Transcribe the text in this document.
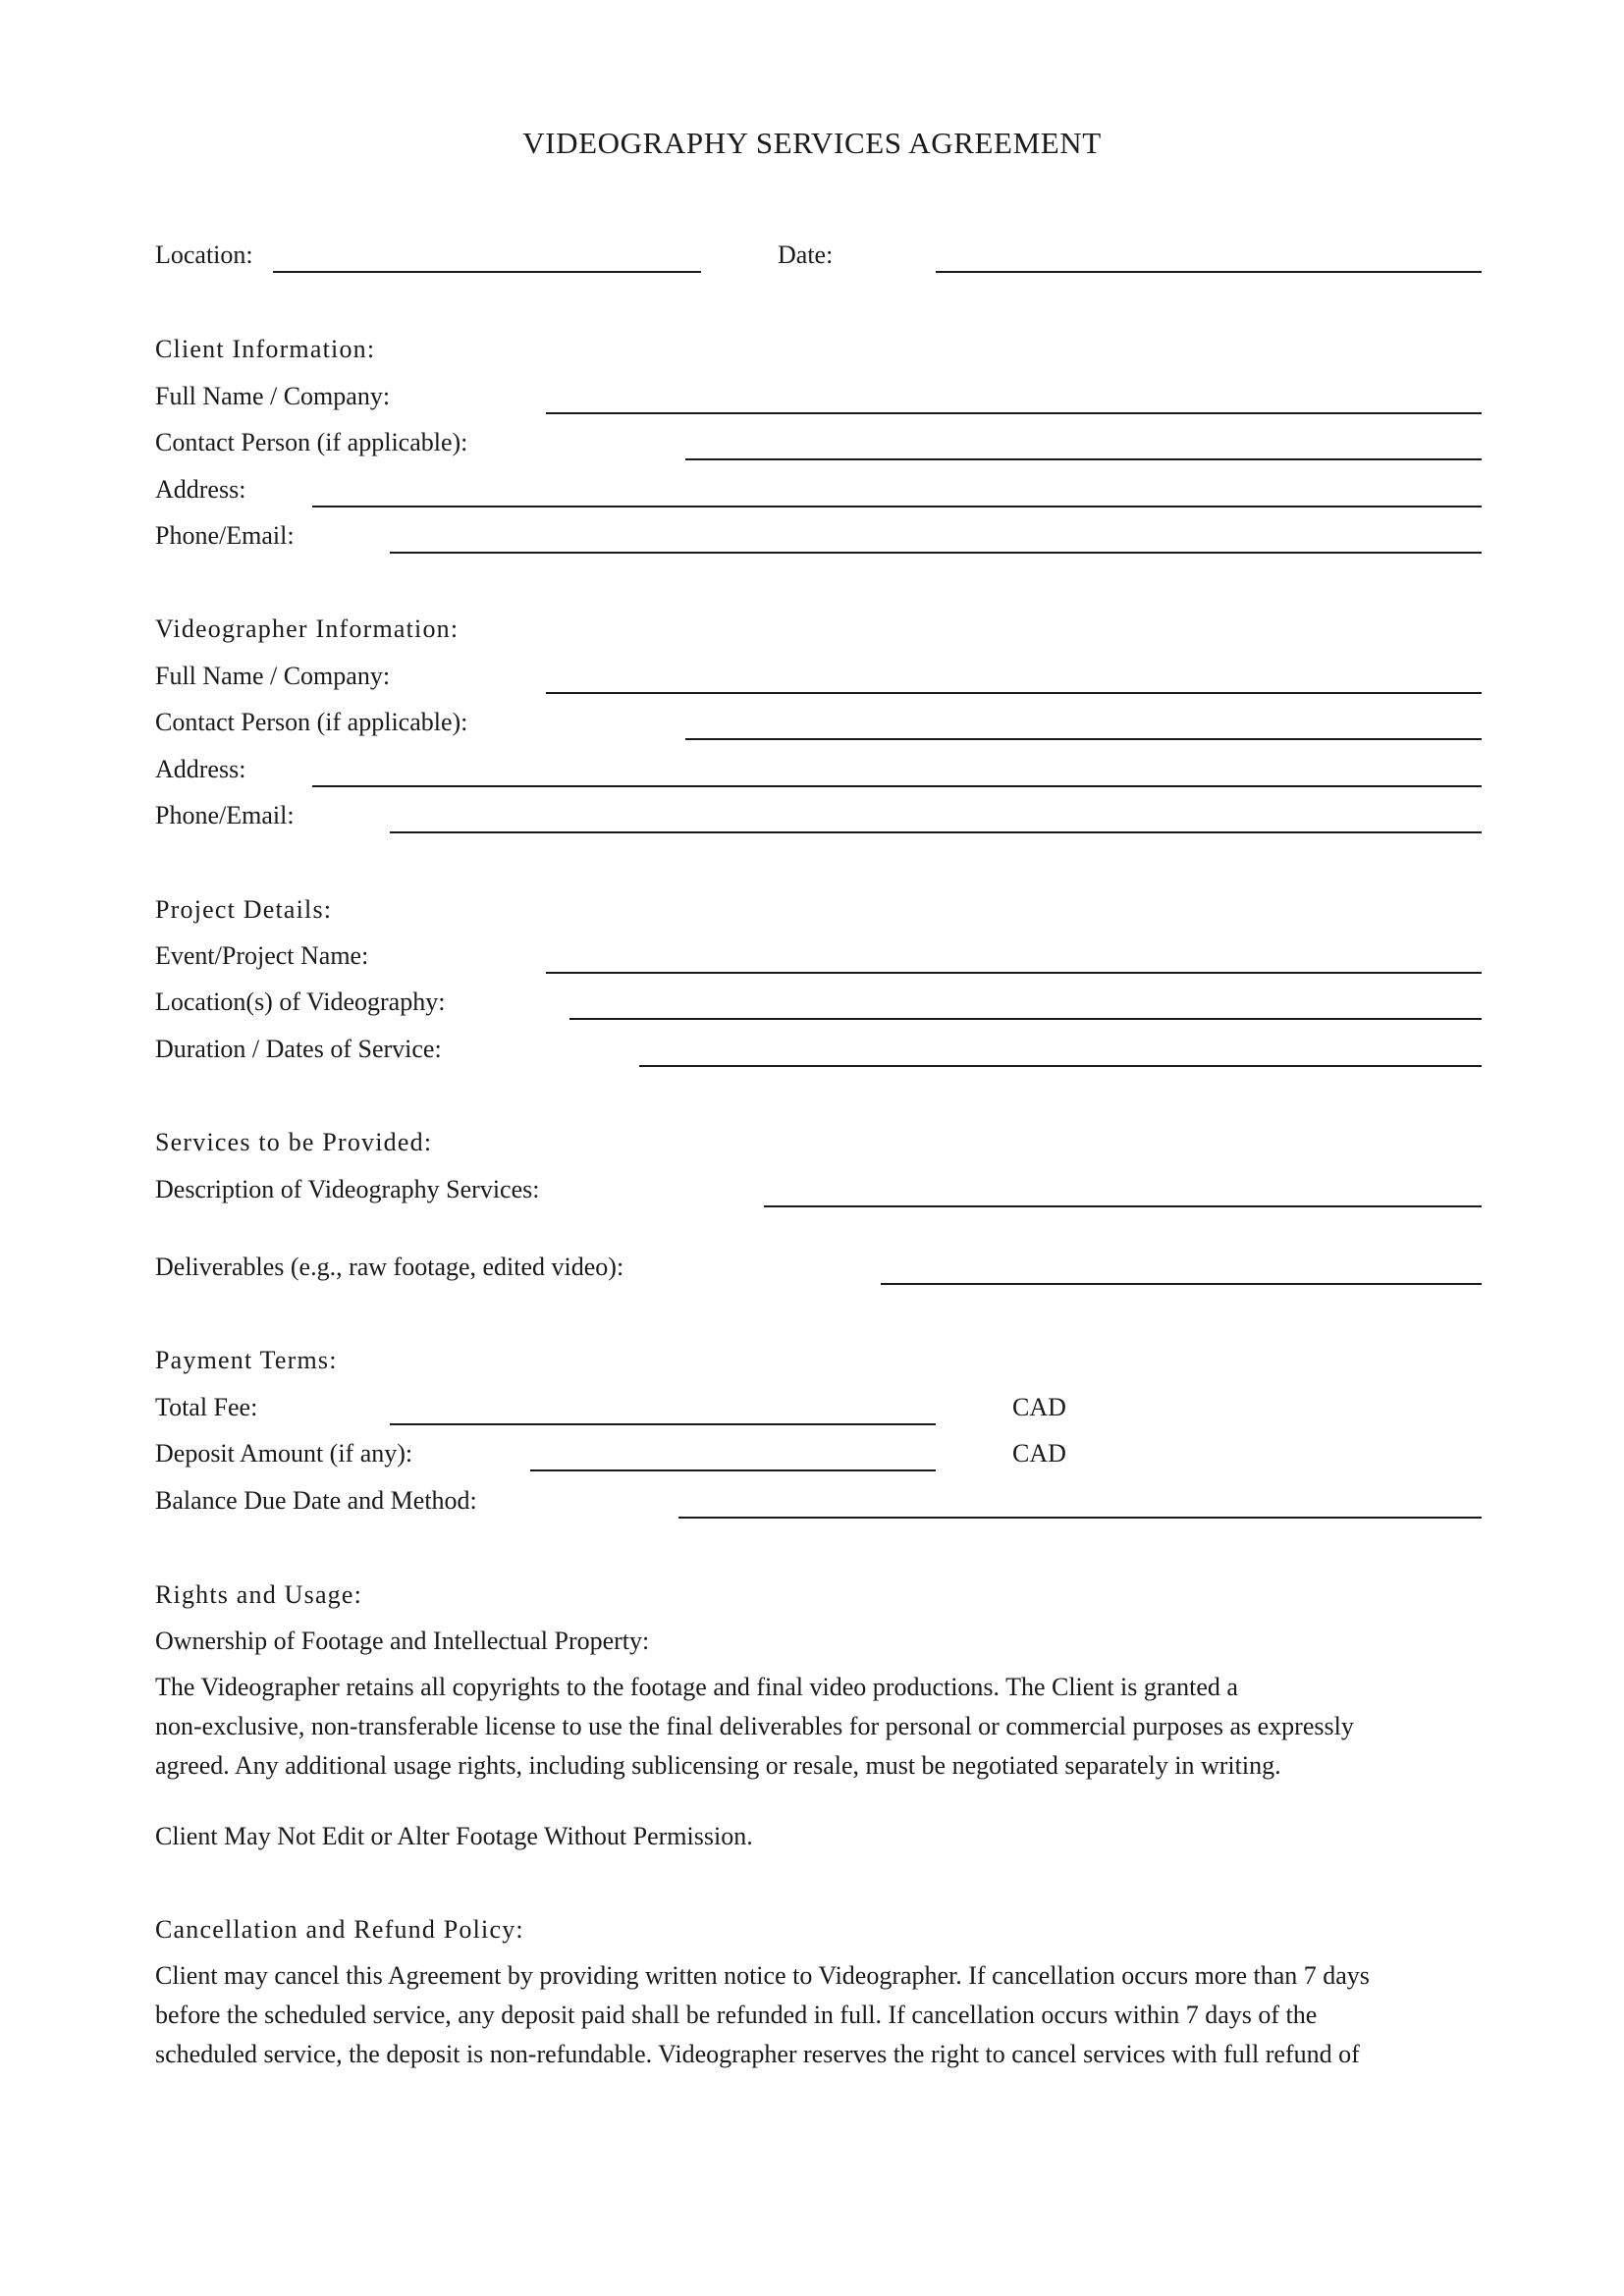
VIDEOGRAPHY SERVICES AGREEMENT
Location:	Date:
Client Information:
Full Name / Company:
Contact Person (if applicable):
Address:
Phone/Email:
Videographer Information:
Full Name / Company:
Contact Person (if applicable):
Address:
Phone/Email:
Project Details:
Event/Project Name:
Location(s) of Videography:
Duration / Dates of Service:
Services to be Provided:
Description of Videography Services:
Deliverables (e.g., raw footage, edited video):
Payment Terms:
Total Fee:	CAD
Deposit Amount (if any):	CAD
Balance Due Date and Method:
Rights and Usage:
Ownership of Footage and Intellectual Property:
The Videographer retains all copyrights to the footage and final video productions. The Client is granted a
non-exclusive, non-transferable license to use the final deliverables for personal or commercial purposes as expressly
agreed. Any additional usage rights, including sublicensing or resale, must be negotiated separately in writing.
Client May Not Edit or Alter Footage Without Permission.
Cancellation and Refund Policy:
Client may cancel this Agreement by providing written notice to Videographer. If cancellation occurs more than 7 days
before the scheduled service, any deposit paid shall be refunded in full. If cancellation occurs within 7 days of the
scheduled service, the deposit is non-refundable. Videographer reserves the right to cancel services with full refund of
